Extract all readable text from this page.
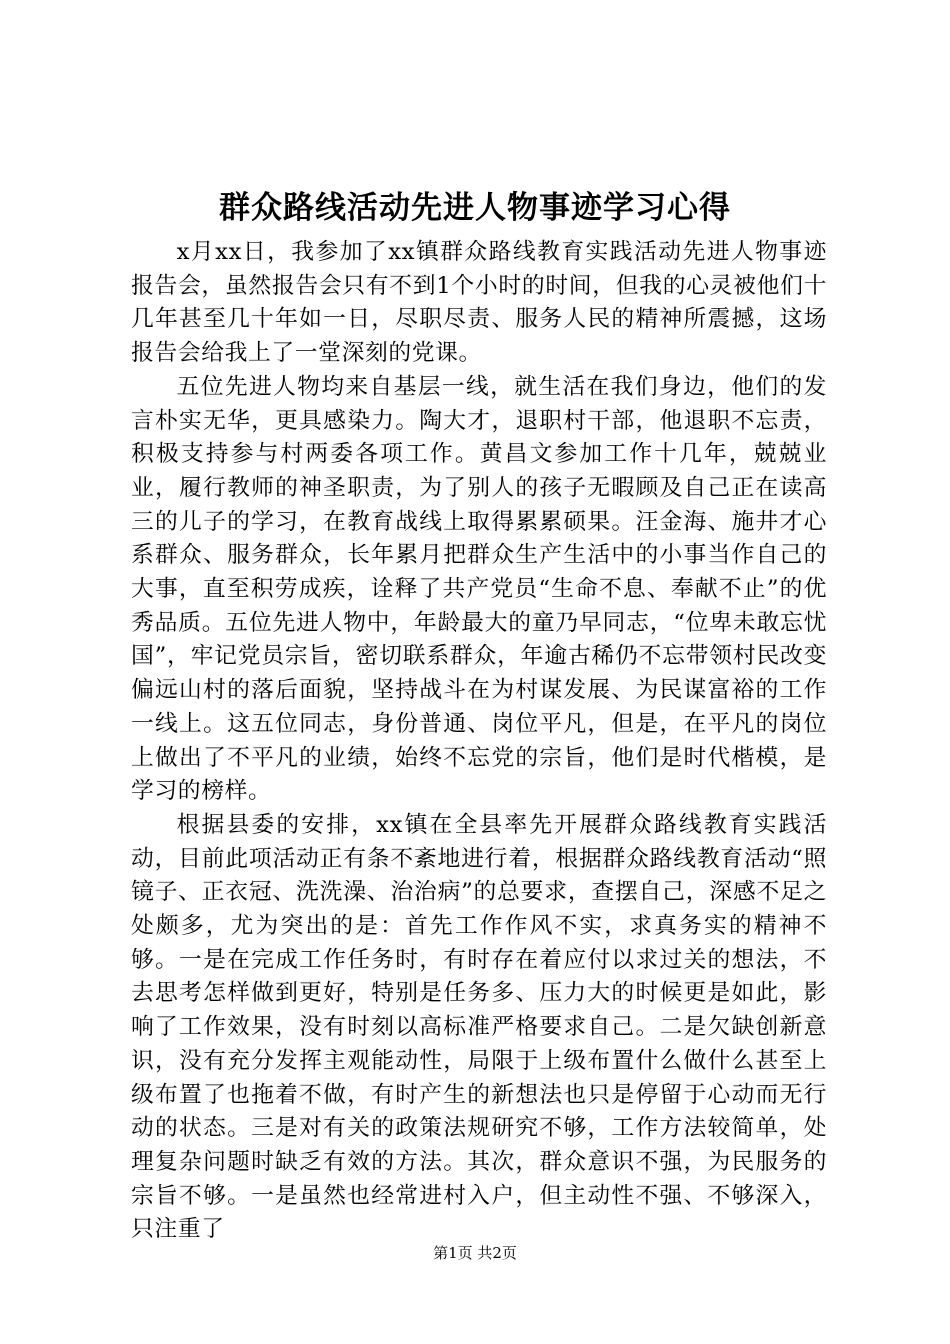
群众路线活动先进人物事迹学习心得

x月xx日，我参加了xx镇群众路线教育实践活动先进人物事迹报告会，虽然报告会只有不到1个小时的时间，但我的心灵被他们十几年甚至几十年如一日，尽职尽责、服务人民的精神所震撼，这场报告会给我上了一堂深刻的党课。

五位先进人物均来自基层一线，就生活在我们身边，他们的发言朴实无华，更具感染力。陶大才，退职村干部，他退职不忘责，积极支持参与村两委各项工作。黄昌文参加工作十几年，兢兢业业，履行教师的神圣职责，为了别人的孩子无暇顾及自己正在读高三的儿子的学习，在教育战线上取得累累硕果。汪金海、施井才心系群众、服务群众，长年累月把群众生产生活中的小事当作自己的大事，直至积劳成疾，诠释了共产党员“生命不息、奉献不止”的优秀品质。五位先进人物中，年龄最大的童乃早同志，“位卑未敢忘忧国”，牢记党员宗旨，密切联系群众，年逾古稀仍不忘带领村民改变偏远山村的落后面貌，坚持战斗在为村谋发展、为民谋富裕的工作一线上。这五位同志，身份普通、岗位平凡，但是，在平凡的岗位上做出了不平凡的业绩，始终不忘党的宗旨，他们是时代楷模，是学习的榜样。

根据县委的安排，xx镇在全县率先开展群众路线教育实践活动，目前此项活动正有条不紊地进行着，根据群众路线教育活动“照镜子、正衣冠、洗洗澡、治治病”的总要求，查摆自己，深感不足之处颇多，尤为突出的是：首先工作作风不实，求真务实的精神不够。一是在完成工作任务时，有时存在着应付以求过关的想法，不去思考怎样做到更好，特别是任务多、压力大的时候更是如此，影响了工作效果，没有时刻以高标准严格要求自己。二是欠缺创新意识，没有充分发挥主观能动性，局限于上级布置什么做什么甚至上级布置了也拖着不做，有时产生的新想法也只是停留于心动而无行动的状态。三是对有关的政策法规研究不够，工作方法较简单，处理复杂问题时缺乏有效的方法。其次，群众意识不强，为民服务的宗旨不够。一是虽然也经常进村入户，但主动性不强、不够深入，只注重了

第1页 共2页
